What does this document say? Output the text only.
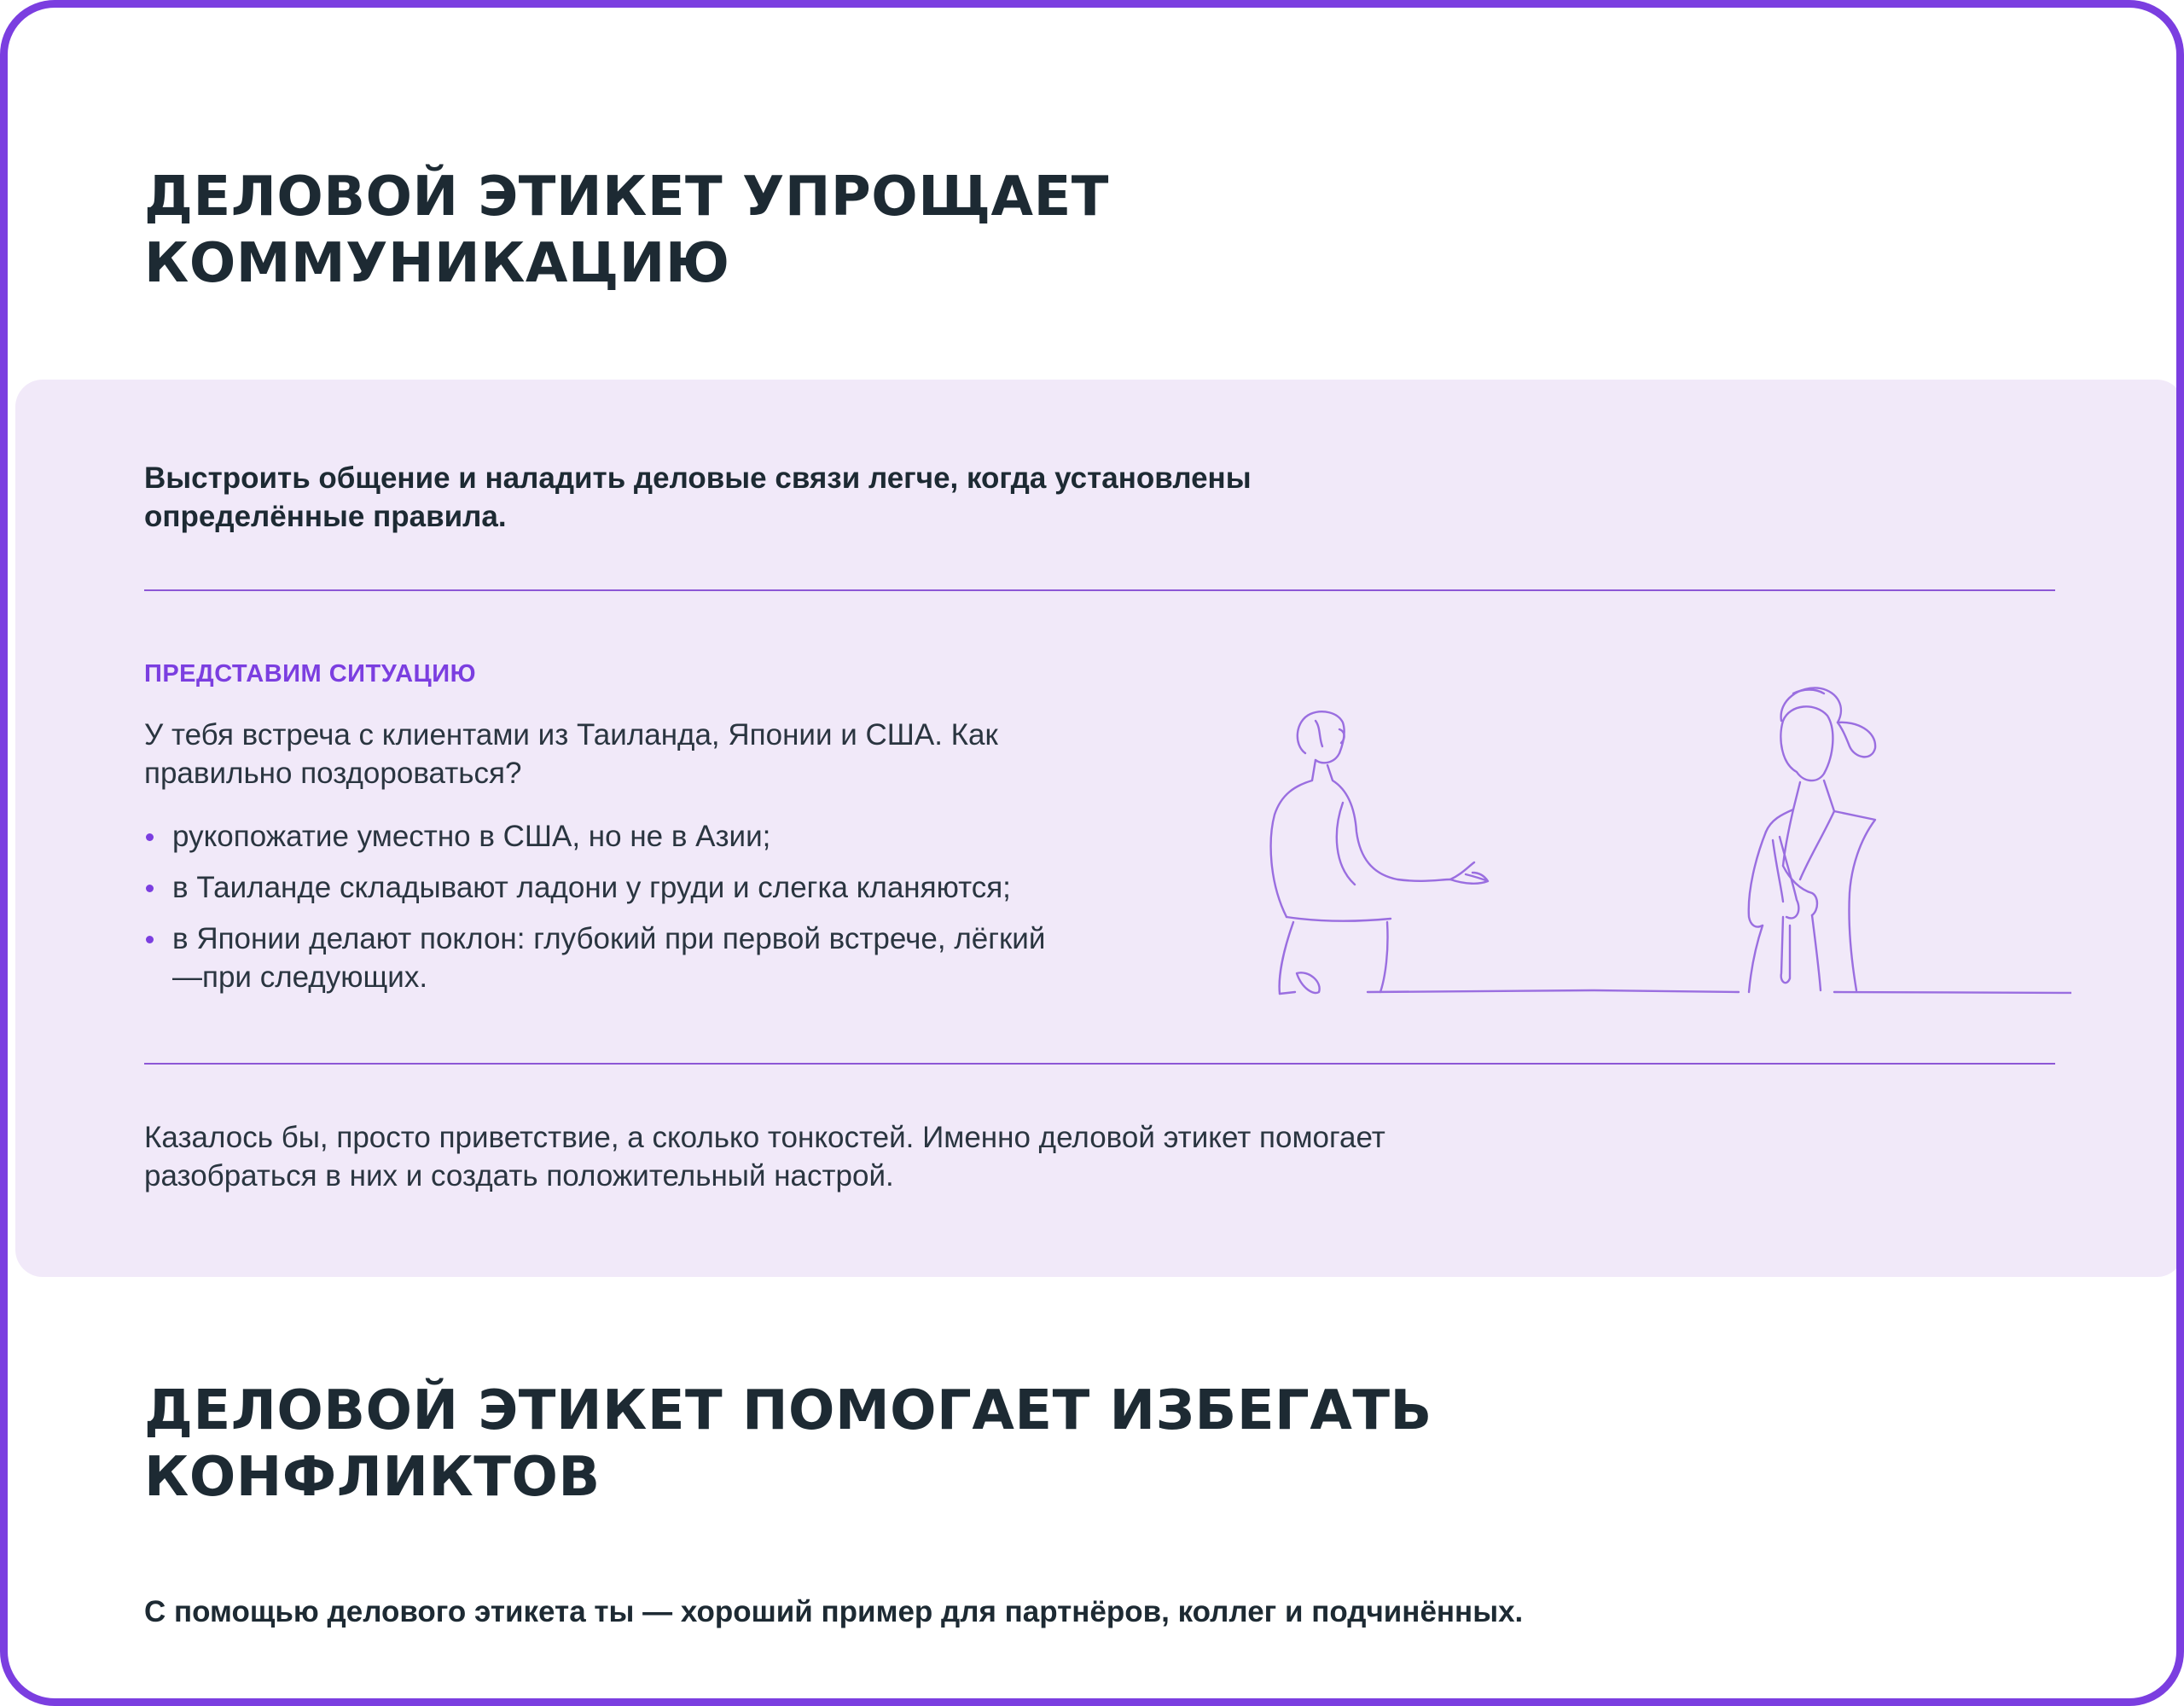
ДЕЛОВОЙ ЭТИКЕТ УПРОЩАЕТ
КОММУНИКАЦИЮ

Выстроить общение и наладить деловые связи легче, когда установлены
определённые правила.

ПРЕДСТАВИМ СИТУАЦИЮ

У тебя встреча с клиентами из Таиланда, Японии и США. Как
правильно поздороваться?

рукопожатие уместно в США, но не в Азии;
в Таиланде складывают ладони у груди и слегка кланяются;
в Японии делают поклон: глубокий при первой встрече, лёгкий
—при следующих.

Казалось бы, просто приветствие, а сколько тонкостей. Именно деловой этикет помогает
разобраться в них и создать положительный настрой.

ДЕЛОВОЙ ЭТИКЕТ ПОМОГАЕТ ИЗБЕГАТЬ
КОНФЛИКТОВ

С помощью делового этикета ты — хороший пример для партнёров, коллег и подчинённых.
